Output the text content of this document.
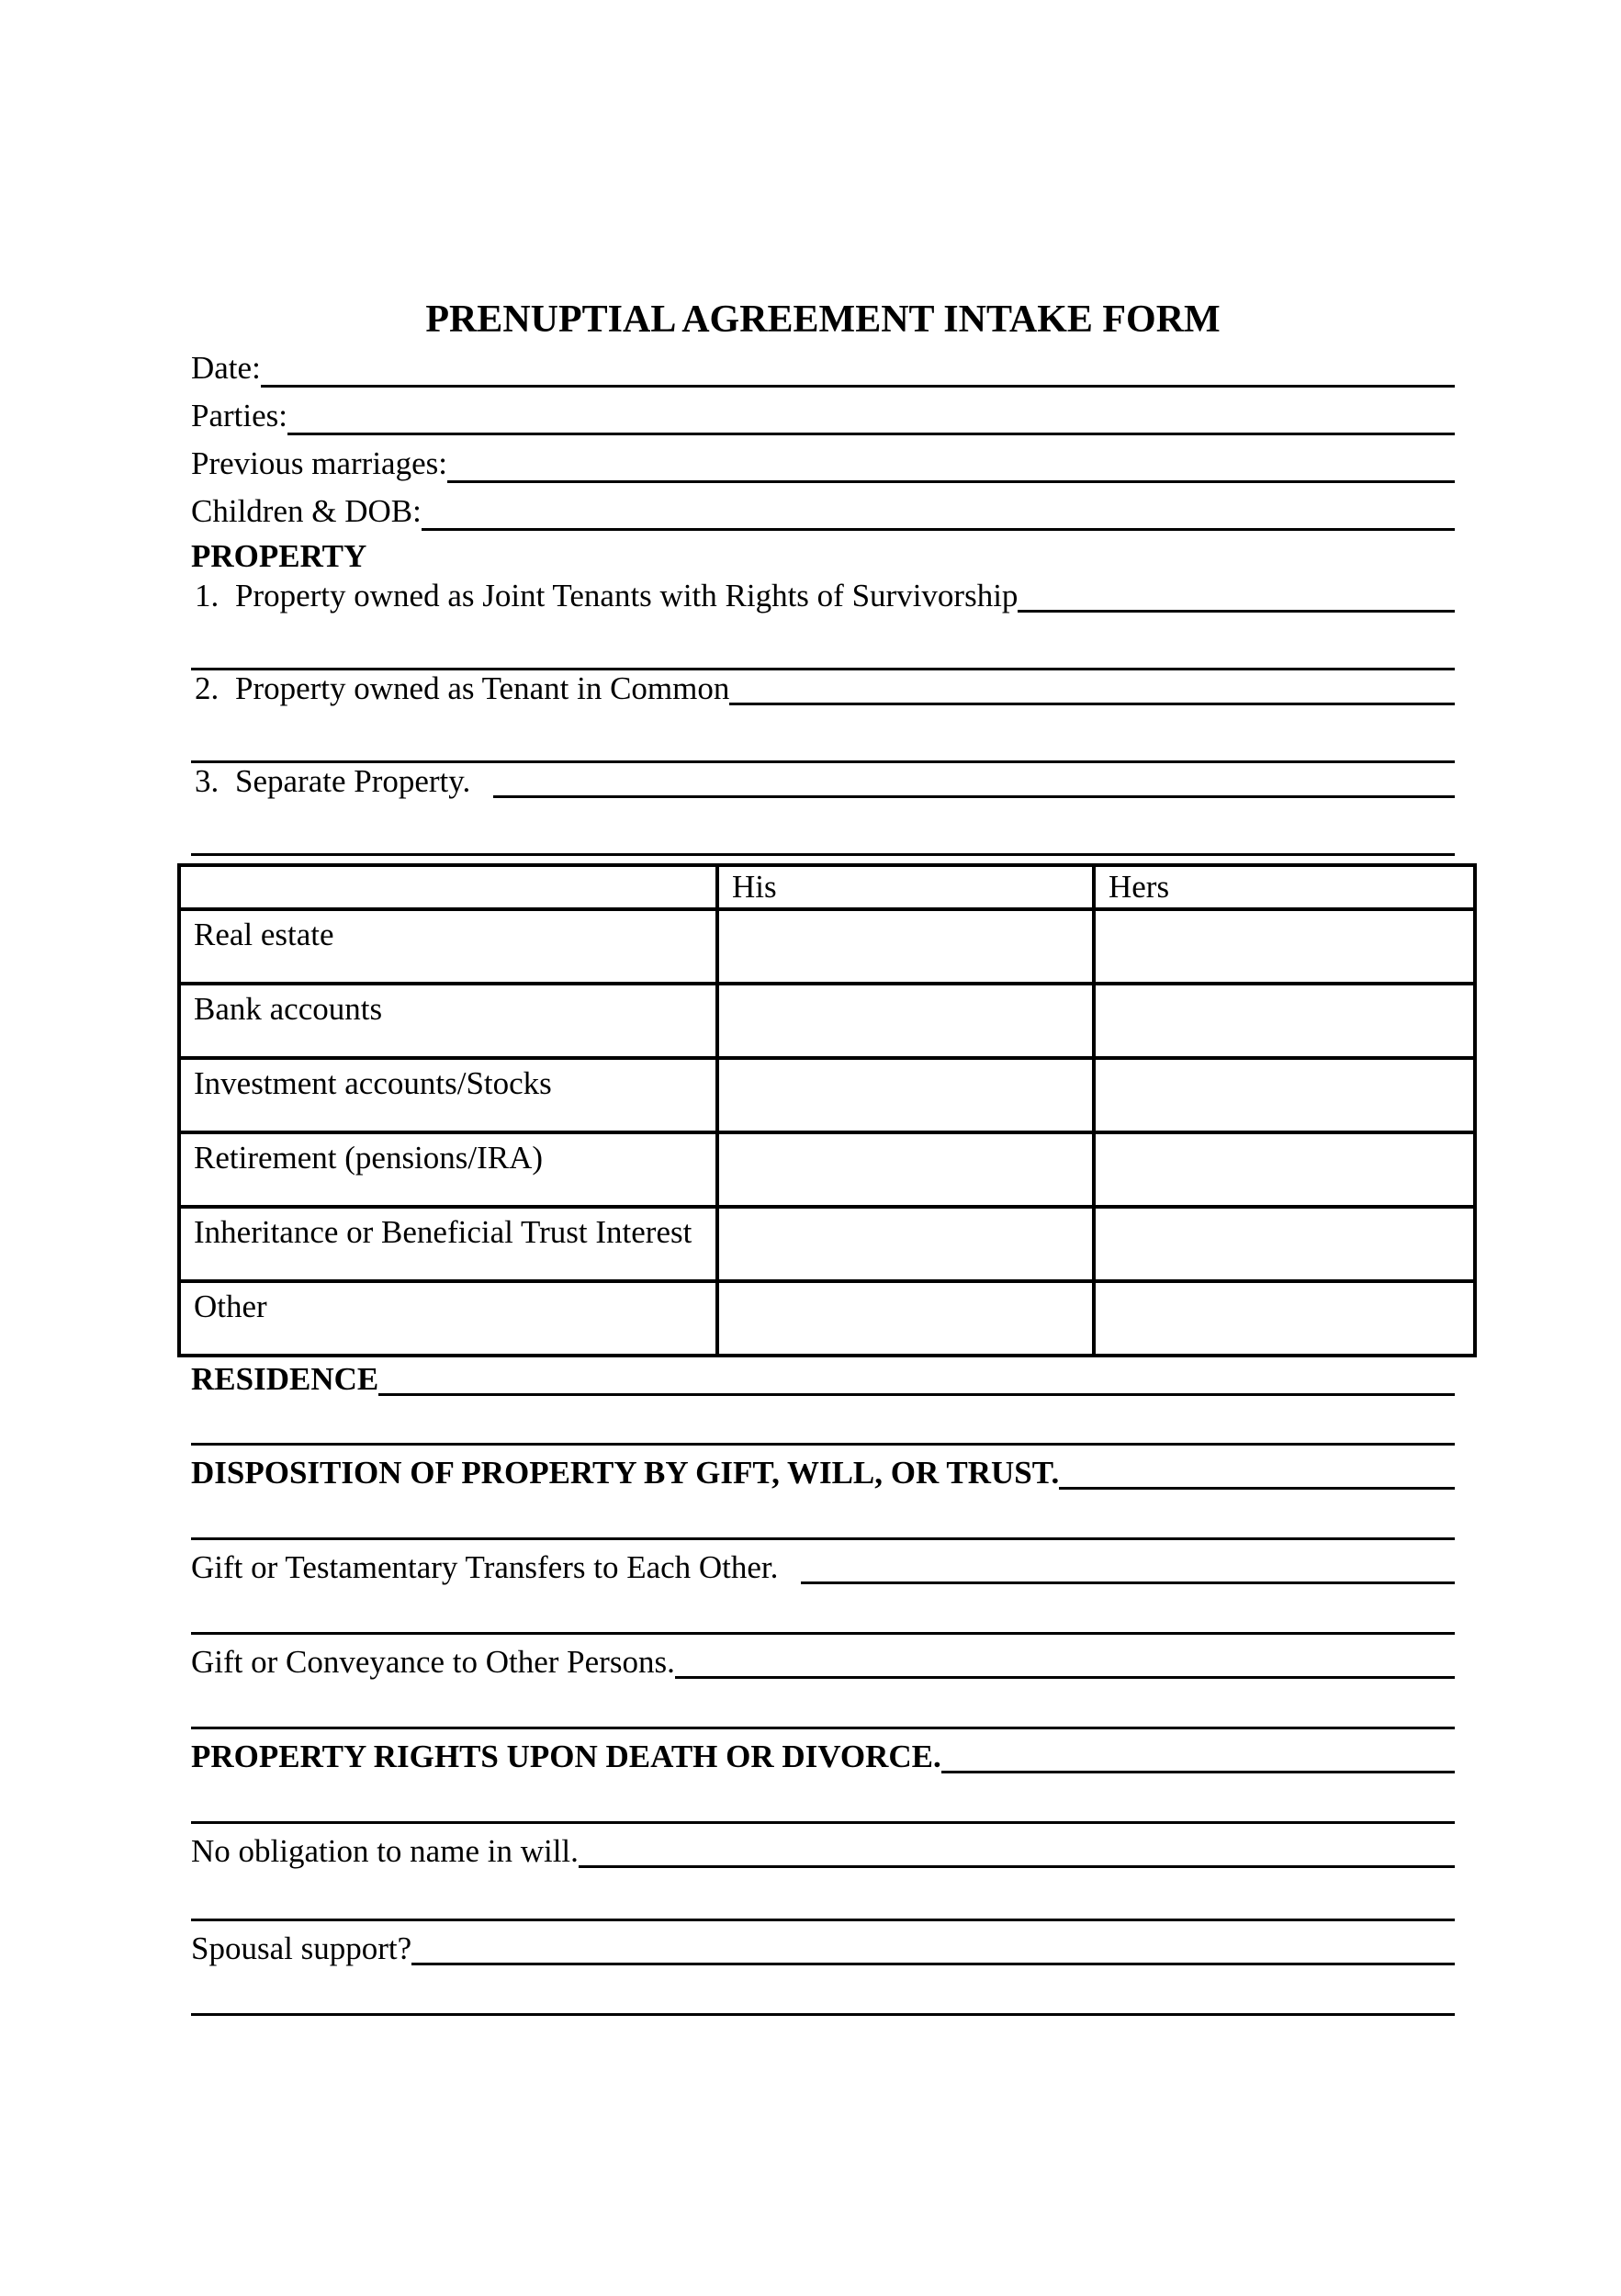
PRENUPTIAL AGREEMENT INTAKE FORM
Date:
Parties:
Previous marriages:
Children & DOB:
PROPERTY
1. Property owned as Joint Tenants with Rights of Survivorship
2. Property owned as Tenant in Common
3. Separate Property.
	His	Hers
Real estate		
Bank accounts		
Investment accounts/Stocks		
Retirement (pensions/IRA)		
Inheritance or Beneficial Trust Interest		
Other		
RESIDENCE
DISPOSITION OF PROPERTY BY GIFT, WILL, OR TRUST.
Gift or Testamentary Transfers to Each Other.
Gift or Conveyance to Other Persons.
PROPERTY RIGHTS UPON DEATH OR DIVORCE.
No obligation to name in will.
Spousal support?
